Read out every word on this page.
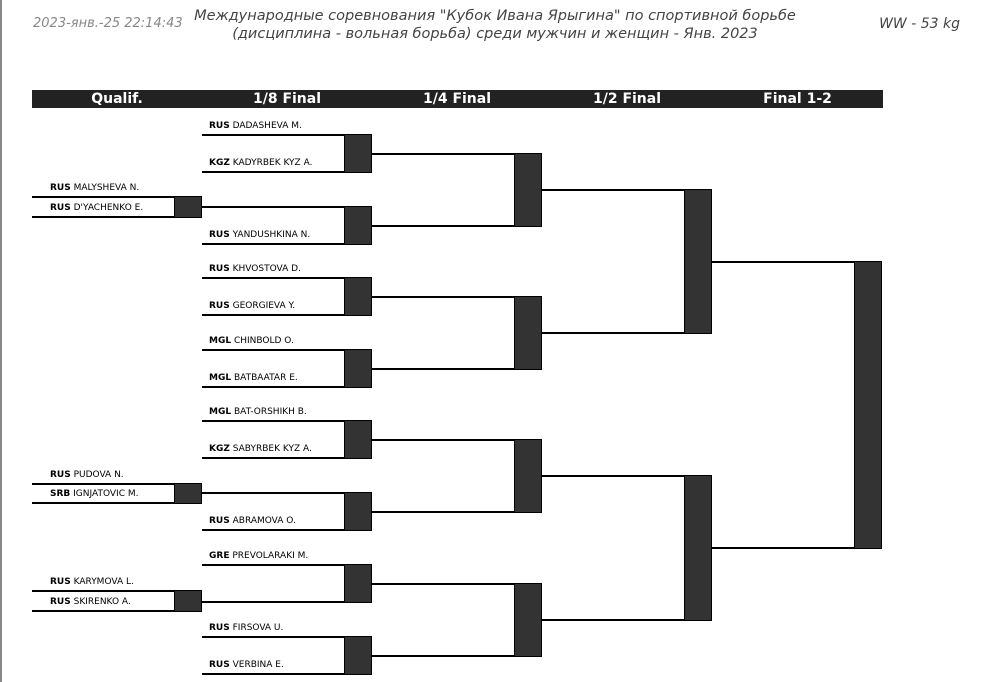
2023-янв.-25 22:14:43 Международные соревнования "Кубок Ивана Ярыгина" по спортивной борьбе
(дисциплина - вольная борьба) среди мужчин и женщин - Янв. 2023
WW - 53 kg
Qualif.	1/8 Final	1/4 Final	1/2 Final	Final 1-2
RUS DADASHEVA M.
KGZ KADYRBEK KYZ A.
RUS YANDUSHKINA N.
RUS KHVOSTOVA D.
RUS GEORGIEVA Y.
MGL CHINBOLD O.
MGL BATBAATAR E.
MGL BAT-ORSHIKH B.
KGZ SABYRBEK KYZ A.
RUS ABRAMOVA O.
GRE PREVOLARAKI M.
RUS FIRSOVA U.
RUS VERBINA E.
RUS MALYSHEVA N.
RUS D'YACHENKO E.
RUS PUDOVA N.
SRB IGNJATOVIC M.
RUS KARYMOVA L.
RUS SKIRENKO A.
